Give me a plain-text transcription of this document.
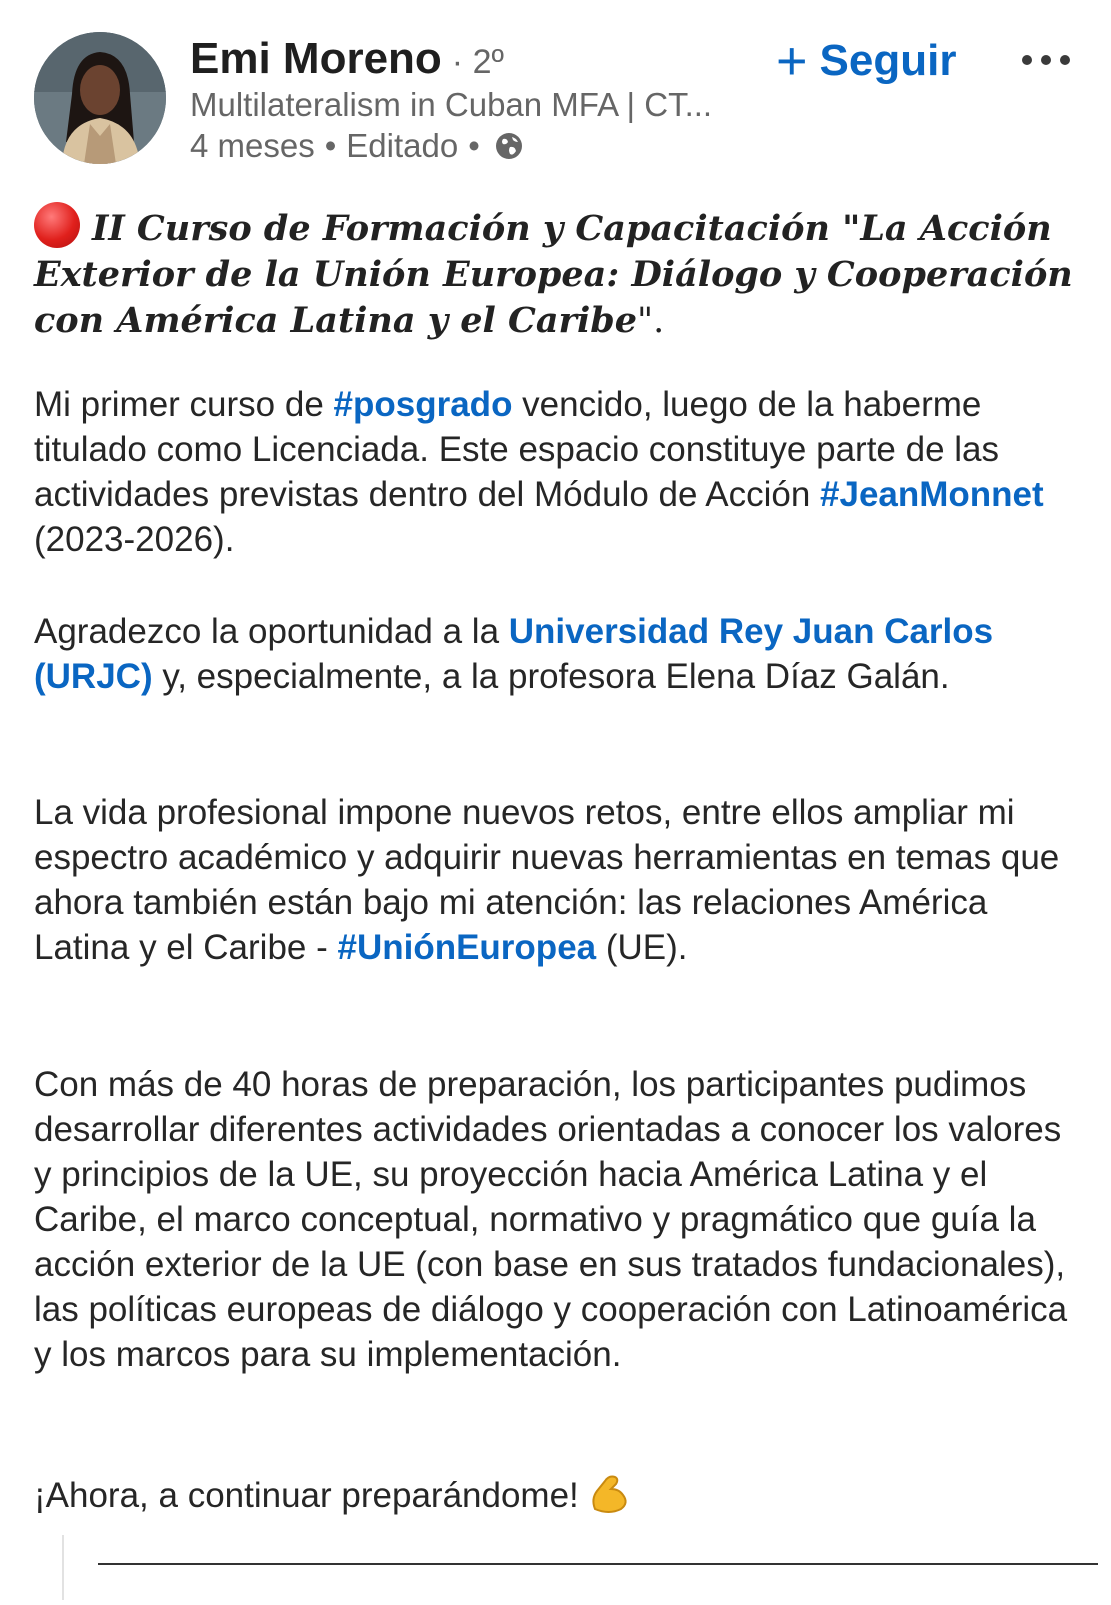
Emi Moreno · 2º
Multilateralism in Cuban MFA | CT...
4 meses • Editado •
+ Seguir
II Curso de Formación y Capacitación "La Acción Exterior de la Unión Europea: Diálogo y Cooperación con América Latina y el Caribe".
Mi primer curso de #posgrado vencido, luego de la haberme titulado como Licenciada. Este espacio constituye parte de las actividades previstas dentro del Módulo de Acción #JeanMonnet (2023-2026).
Agradezco la oportunidad a la Universidad Rey Juan Carlos (URJC) y, especialmente, a la profesora Elena Díaz Galán.
La vida profesional impone nuevos retos, entre ellos ampliar mi espectro académico y adquirir nuevas herramientas en temas que ahora también están bajo mi atención: las relaciones América Latina y el Caribe - #UniónEuropea (UE).
Con más de 40 horas de preparación, los participantes pudimos desarrollar diferentes actividades orientadas a conocer los valores y principios de la UE, su proyección hacia América Latina y el Caribe, el marco conceptual, normativo y pragmático que guía la acción exterior de la UE (con base en sus tratados fundacionales), las políticas europeas de diálogo y cooperación con Latinoamérica y los marcos para su implementación.
¡Ahora, a continuar preparándome!
